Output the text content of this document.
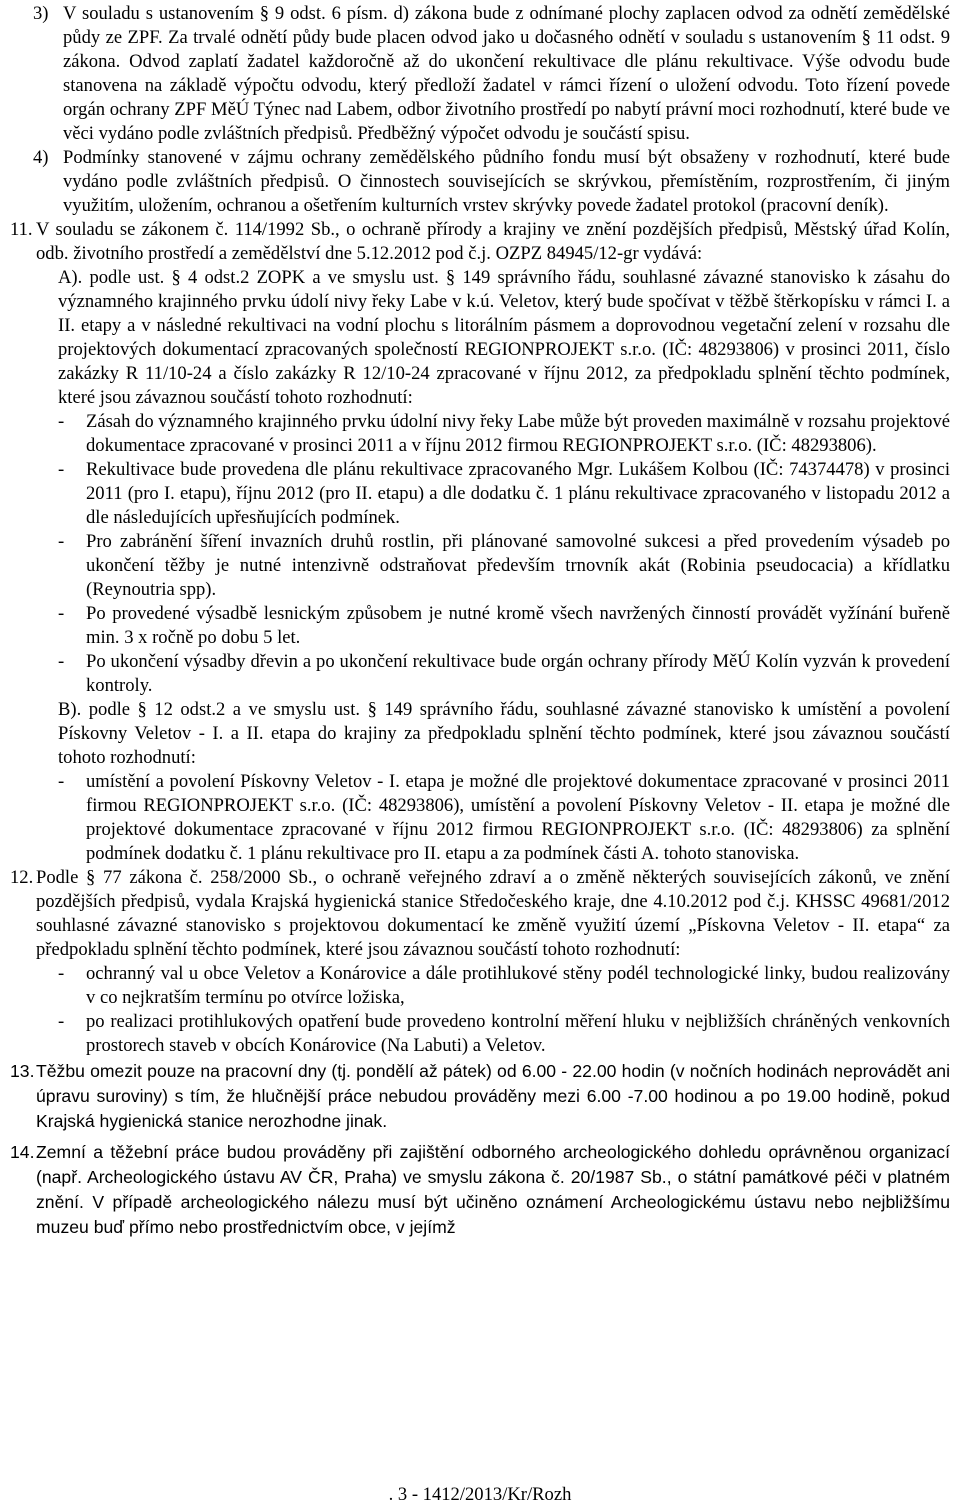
3) V souladu s ustanovením § 9 odst. 6 písm. d) zákona bude z odnímané plochy zaplacen odvod za odnětí zemědělské půdy ze ZPF. Za trvalé odnětí půdy bude placen odvod jako u dočasného odnětí v souladu s ustanovením § 11 odst. 9 zákona. Odvod zaplatí žadatel každoročně až do ukončení rekultivace dle plánu rekultivace. Výše odvodu bude stanovena na základě výpočtu odvodu, který předloží žadatel v rámci řízení o uložení odvodu. Toto řízení povede orgán ochrany ZPF MěÚ Týnec nad Labem, odbor životního prostředí po nabytí právní moci rozhodnutí, které bude ve věci vydáno podle zvláštních předpisů. Předběžný výpočet odvodu je součástí spisu.
4) Podmínky stanovené v zájmu ochrany zemědělského půdního fondu musí být obsaženy v rozhodnutí, které bude vydáno podle zvláštních předpisů. O činnostech souvisejících se skrývkou, přemístěním, rozprostřením, či jiným využitím, uložením, ochranou a ošetřením kulturních vrstev skrývky povede žadatel protokol (pracovní deník).
11. V souladu se zákonem č. 114/1992 Sb., o ochraně přírody a krajiny ve znění pozdějších předpisů, Městský úřad Kolín, odb. životního prostředí a zemědělství dne 5.12.2012 pod č.j. OZPZ 84945/12-gr vydává:
A). podle ust. § 4 odst.2 ZOPK a ve smyslu ust. § 149 správního řádu, souhlasné závazné stanovisko k zásahu do významného krajinného prvku údolí nivy řeky Labe v k.ú. Veletov, který bude spočívat v těžbě štěrkopísku v rámci I. a II. etapy a v následné rekultivaci na vodní plochu s litorálním pásmem a doprovodnou vegetační zelení v rozsahu dle projektových dokumentací zpracovaných společností REGIONPROJEKT s.r.o. (IČ: 48293806) v prosinci 2011, číslo zakázky R 11/10-24 a číslo zakázky R 12/10-24 zpracované v říjnu 2012, za předpokladu splnění těchto podmínek, které jsou závaznou součástí tohoto rozhodnutí:
- Zásah do významného krajinného prvku údolní nivy řeky Labe může být proveden maximálně v rozsahu projektové dokumentace zpracované v prosinci 2011 a v říjnu 2012 firmou REGIONPROJEKT s.r.o. (IČ: 48293806).
- Rekultivace bude provedena dle plánu rekultivace zpracovaného Mgr. Lukášem Kolbou (IČ: 74374478) v prosinci 2011 (pro I. etapu), říjnu 2012 (pro II. etapu) a dle dodatku č. 1 plánu rekultivace zpracovaného v listopadu 2012 a dle následujících upřesňujících podmínek.
- Pro zabránění šíření invazních druhů rostlin, při plánované samovolné sukcesi a před provedením výsadeb po ukončení těžby je nutné intenzivně odstraňovat především trnovník akát (Robinia pseudocacia) a křídlatku (Reynoutria spp).
- Po provedené výsadbě lesnickým způsobem je nutné kromě všech navržených činností provádět vyžínání buřeně min. 3 x ročně po dobu 5 let.
- Po ukončení výsadby dřevin a po ukončení rekultivace bude orgán ochrany přírody MěÚ Kolín vyzván k provedení kontroly.
B). podle § 12 odst.2 a ve smyslu ust. § 149 správního řádu, souhlasné závazné stanovisko k umístění a povolení Pískovny Veletov - I. a II. etapa do krajiny za předpokladu splnění těchto podmínek, které jsou závaznou součástí tohoto rozhodnutí:
- umístění a povolení Pískovny Veletov - I. etapa je možné dle projektové dokumentace zpracované v prosinci 2011 firmou REGIONPROJEKT s.r.o. (IČ: 48293806), umístění a povolení Pískovny Veletov - II. etapa je možné dle projektové dokumentace zpracované v říjnu 2012 firmou REGIONPROJEKT s.r.o. (IČ: 48293806) za splnění podmínek dodatku č. 1 plánu rekultivace pro II. etapu a za podmínek části A. tohoto stanoviska.
12. Podle § 77 zákona č. 258/2000 Sb., o ochraně veřejného zdraví a o změně některých souvisejících zákonů, ve znění pozdějších předpisů, vydala Krajská hygienická stanice Středočeského kraje, dne 4.10.2012 pod č.j. KHSSC 49681/2012 souhlasné závazné stanovisko s projektovou dokumentací ke změně využití území „Pískovna Veletov - II. etapa“ za předpokladu splnění těchto podmínek, které jsou závaznou součástí tohoto rozhodnutí:
- ochranný val u obce Veletov a Konárovice a dále protihlukové stěny podél technologické linky, budou realizovány v co nejkratším termínu po otvírce ložiska,
- po realizaci protihlukových opatření bude provedeno kontrolní měření hluku v nejbližších chráněných venkovních prostorech staveb v obcích Konárovice (Na Labuti) a Veletov.
13. Těžbu omezit pouze na pracovní dny (tj. pondělí až pátek) od 6.00 - 22.00 hodin (v nočních hodinách neprovádět ani úpravu suroviny) s tím, že hlučnější práce nebudou prováděny mezi 6.00 -7.00 hodinou a po 19.00 hodině, pokud Krajská hygienická stanice nerozhodne jinak.
14. Zemní a těžební práce budou prováděny při zajištění odborného archeologického dohledu oprávněnou organizací (např. Archeologického ústavu AV ČR, Praha) ve smyslu zákona č. 20/1987 Sb., o státní památkové péči v platném znění. V případě archeologického nálezu musí být učiněno oznámení Archeologickému ústavu nebo nejbližšímu muzeu buď přímo nebo prostřednictvím obce, v jejímž
. 3 - 1412/2013/Kr/Rozh
